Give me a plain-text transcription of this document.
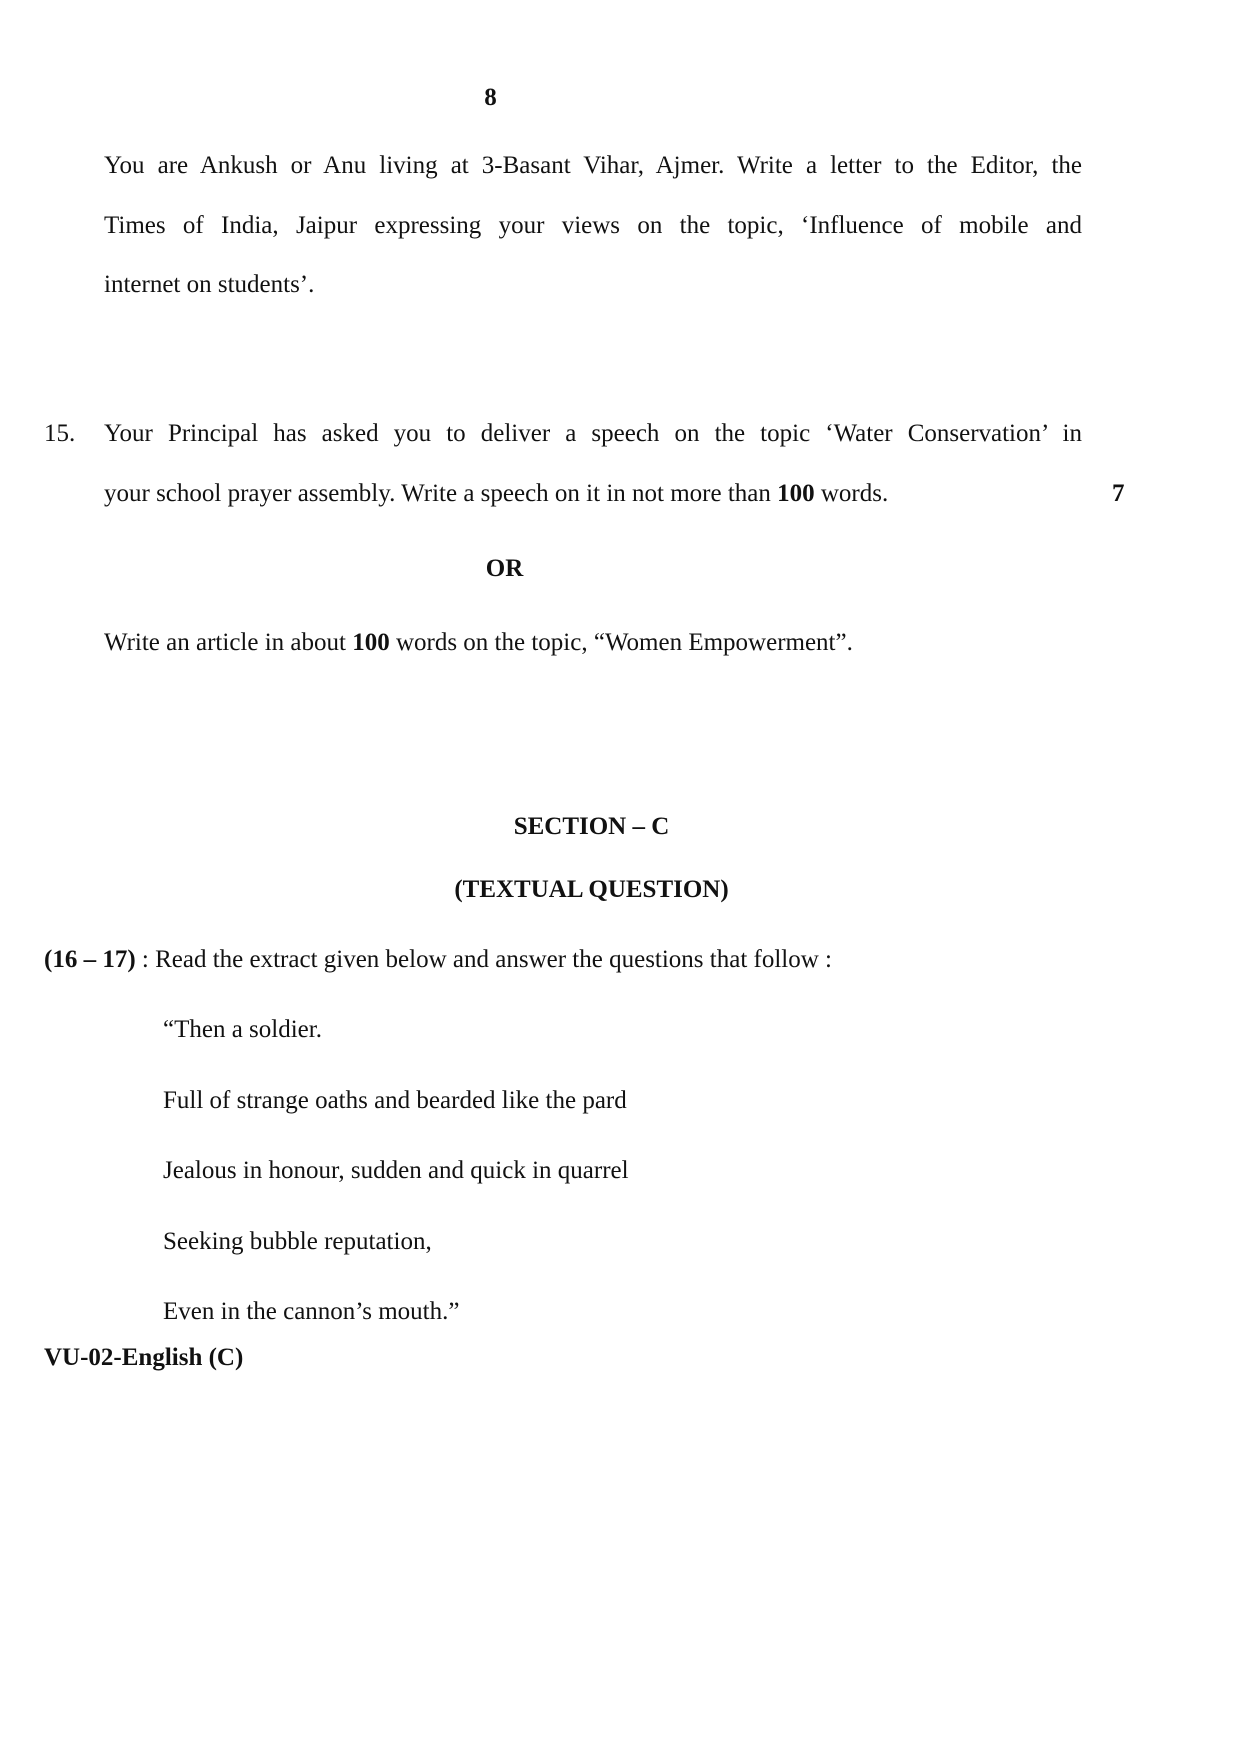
8
You are Ankush or Anu living at 3-Basant Vihar, Ajmer. Write a letter to the Editor, the
Times of India, Jaipur expressing your views on the topic, ‘Influence of mobile and
internet on students’.
15. Your Principal has asked you to deliver a speech on the topic ‘Water Conservation’ in
your school prayer assembly. Write a speech on it in not more than 100 words.	7
OR
Write an article in about 100 words on the topic, “Women Empowerment”.
SECTION – C
(TEXTUAL QUESTION)
(16 – 17) : Read the extract given below and answer the questions that follow :
“Then a soldier.
Full of strange oaths and bearded like the pard
Jealous in honour, sudden and quick in quarrel
Seeking bubble reputation,
Even in the cannon’s mouth.”
VU-02-English (C)
